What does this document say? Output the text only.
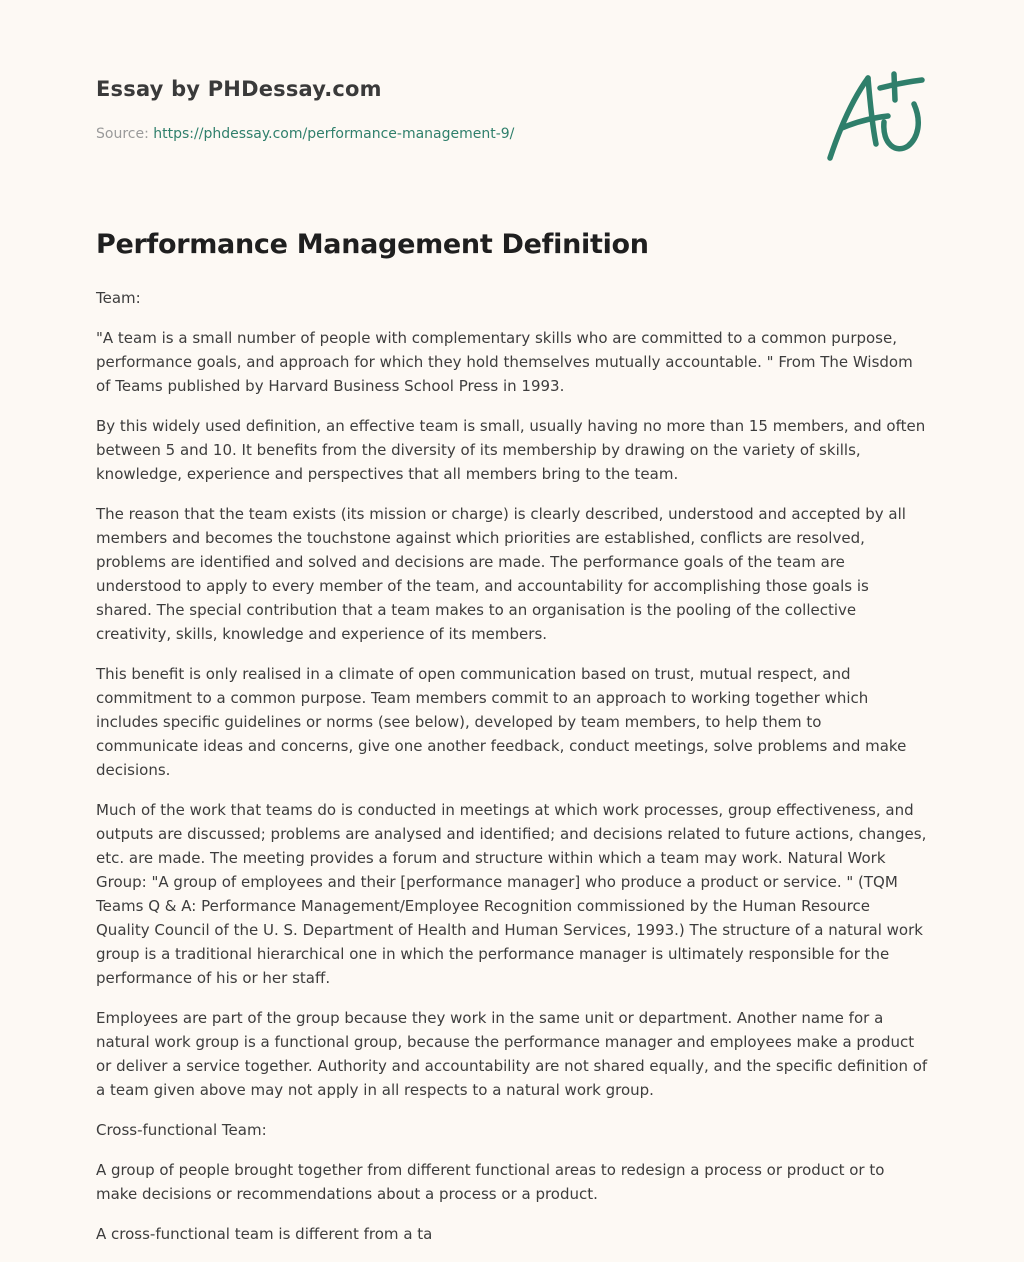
Essay by PHDessay.com
Source: https://phdessay.com/performance-management-9/
Performance Management Definition

Team:

"A team is a small number of people with complementary skills who are committed to a common purpose, performance goals, and approach for which they hold themselves mutually accountable. " From The Wisdom of Teams published by Harvard Business School Press in 1993.

By this widely used definition, an effective team is small, usually having no more than 15 members, and often between 5 and 10. It benefits from the diversity of its membership by drawing on the variety of skills, knowledge, experience and perspectives that all members bring to the team.

The reason that the team exists (its mission or charge) is clearly described, understood and accepted by all members and becomes the touchstone against which priorities are established, conflicts are resolved, problems are identified and solved and decisions are made. The performance goals of the team are understood to apply to every member of the team, and accountability for accomplishing those goals is shared. The special contribution that a team makes to an organisation is the pooling of the collective creativity, skills, knowledge and experience of its members.

This benefit is only realised in a climate of open communication based on trust, mutual respect, and commitment to a common purpose. Team members commit to an approach to working together which includes specific guidelines or norms (see below), developed by team members, to help them to communicate ideas and concerns, give one another feedback, conduct meetings, solve problems and make decisions.

Much of the work that teams do is conducted in meetings at which work processes, group effectiveness, and outputs are discussed; problems are analysed and identified; and decisions related to future actions, changes, etc. are made. The meeting provides a forum and structure within which a team may work. Natural Work Group: "A group of employees and their [performance manager] who produce a product or service. " (TQM Teams Q & A: Performance Management/Employee Recognition commissioned by the Human Resource Quality Council of the U. S. Department of Health and Human Services, 1993.) The structure of a natural work group is a traditional hierarchical one in which the performance manager is ultimately responsible for the performance of his or her staff.

Employees are part of the group because they work in the same unit or department. Another name for a natural work group is a functional group, because the performance manager and employees make a product or deliver a service together. Authority and accountability are not shared equally, and the specific definition of a team given above may not apply in all respects to a natural work group.

Cross-functional Team:

A group of people brought together from different functional areas to redesign a process or product or to make decisions or recommendations about a process or a product.

A cross-functional team is different from a ta
